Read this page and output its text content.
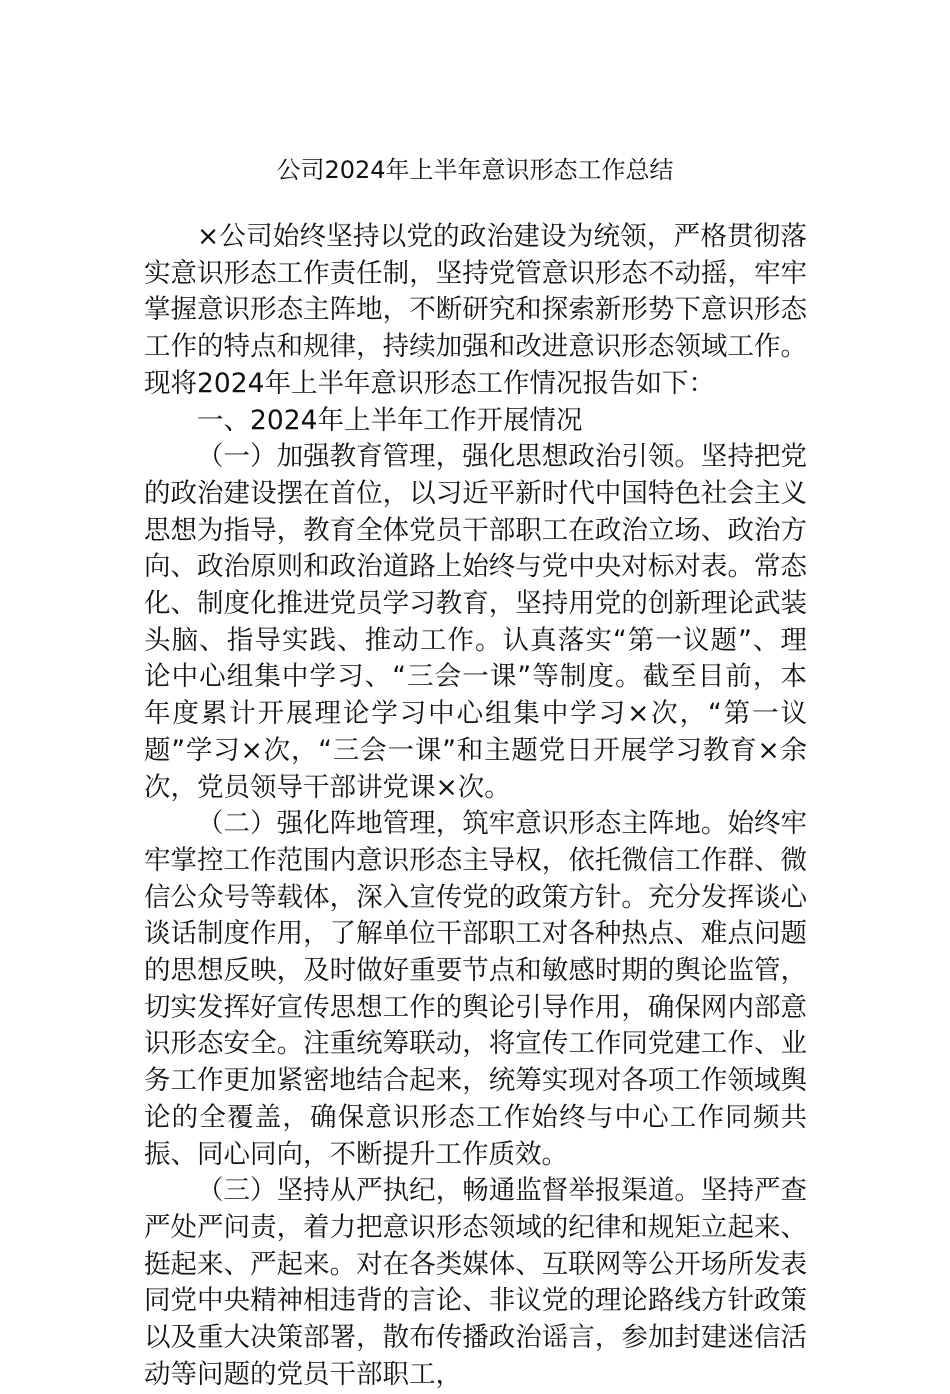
公司2024年上半年意识形态工作总结

×公司始终坚持以党的政治建设为统领，严格贯彻落实意识形态工作责任制，坚持党管意识形态不动摇，牢牢掌握意识形态主阵地，不断研究和探索新形势下意识形态工作的特点和规律，持续加强和改进意识形态领域工作。现将2024年上半年意识形态工作情况报告如下：

一、2024年上半年工作开展情况

（一）加强教育管理，强化思想政治引领。坚持把党的政治建设摆在首位，以习近平新时代中国特色社会主义思想为指导，教育全体党员干部职工在政治立场、政治方向、政治原则和政治道路上始终与党中央对标对表。常态化、制度化推进党员学习教育，坚持用党的创新理论武装头脑、指导实践、推动工作。认真落实“第一议题”、理论中心组集中学习、“三会一课”等制度。截至目前，本年度累计开展理论学习中心组集中学习×次，“第一议题”学习×次，“三会一课”和主题党日开展学习教育×余次，党员领导干部讲党课×次。

（二）强化阵地管理，筑牢意识形态主阵地。始终牢牢掌控工作范围内意识形态主导权，依托微信工作群、微信公众号等载体，深入宣传党的政策方针。充分发挥谈心谈话制度作用，了解单位干部职工对各种热点、难点问题的思想反映，及时做好重要节点和敏感时期的舆论监管，切实发挥好宣传思想工作的舆论引导作用，确保网内部意识形态安全。注重统筹联动，将宣传工作同党建工作、业务工作更加紧密地结合起来，统筹实现对各项工作领域舆论的全覆盖，确保意识形态工作始终与中心工作同频共振、同心同向，不断提升工作质效。

（三）坚持从严执纪，畅通监督举报渠道。坚持严查严处严问责，着力把意识形态领域的纪律和规矩立起来、挺起来、严起来。对在各类媒体、互联网等公开场所发表同党中央精神相违背的言论、非议党的理论路线方针政策以及重大决策部署，散布传播政治谣言，参加封建迷信活动等问题的党员干部职工，
